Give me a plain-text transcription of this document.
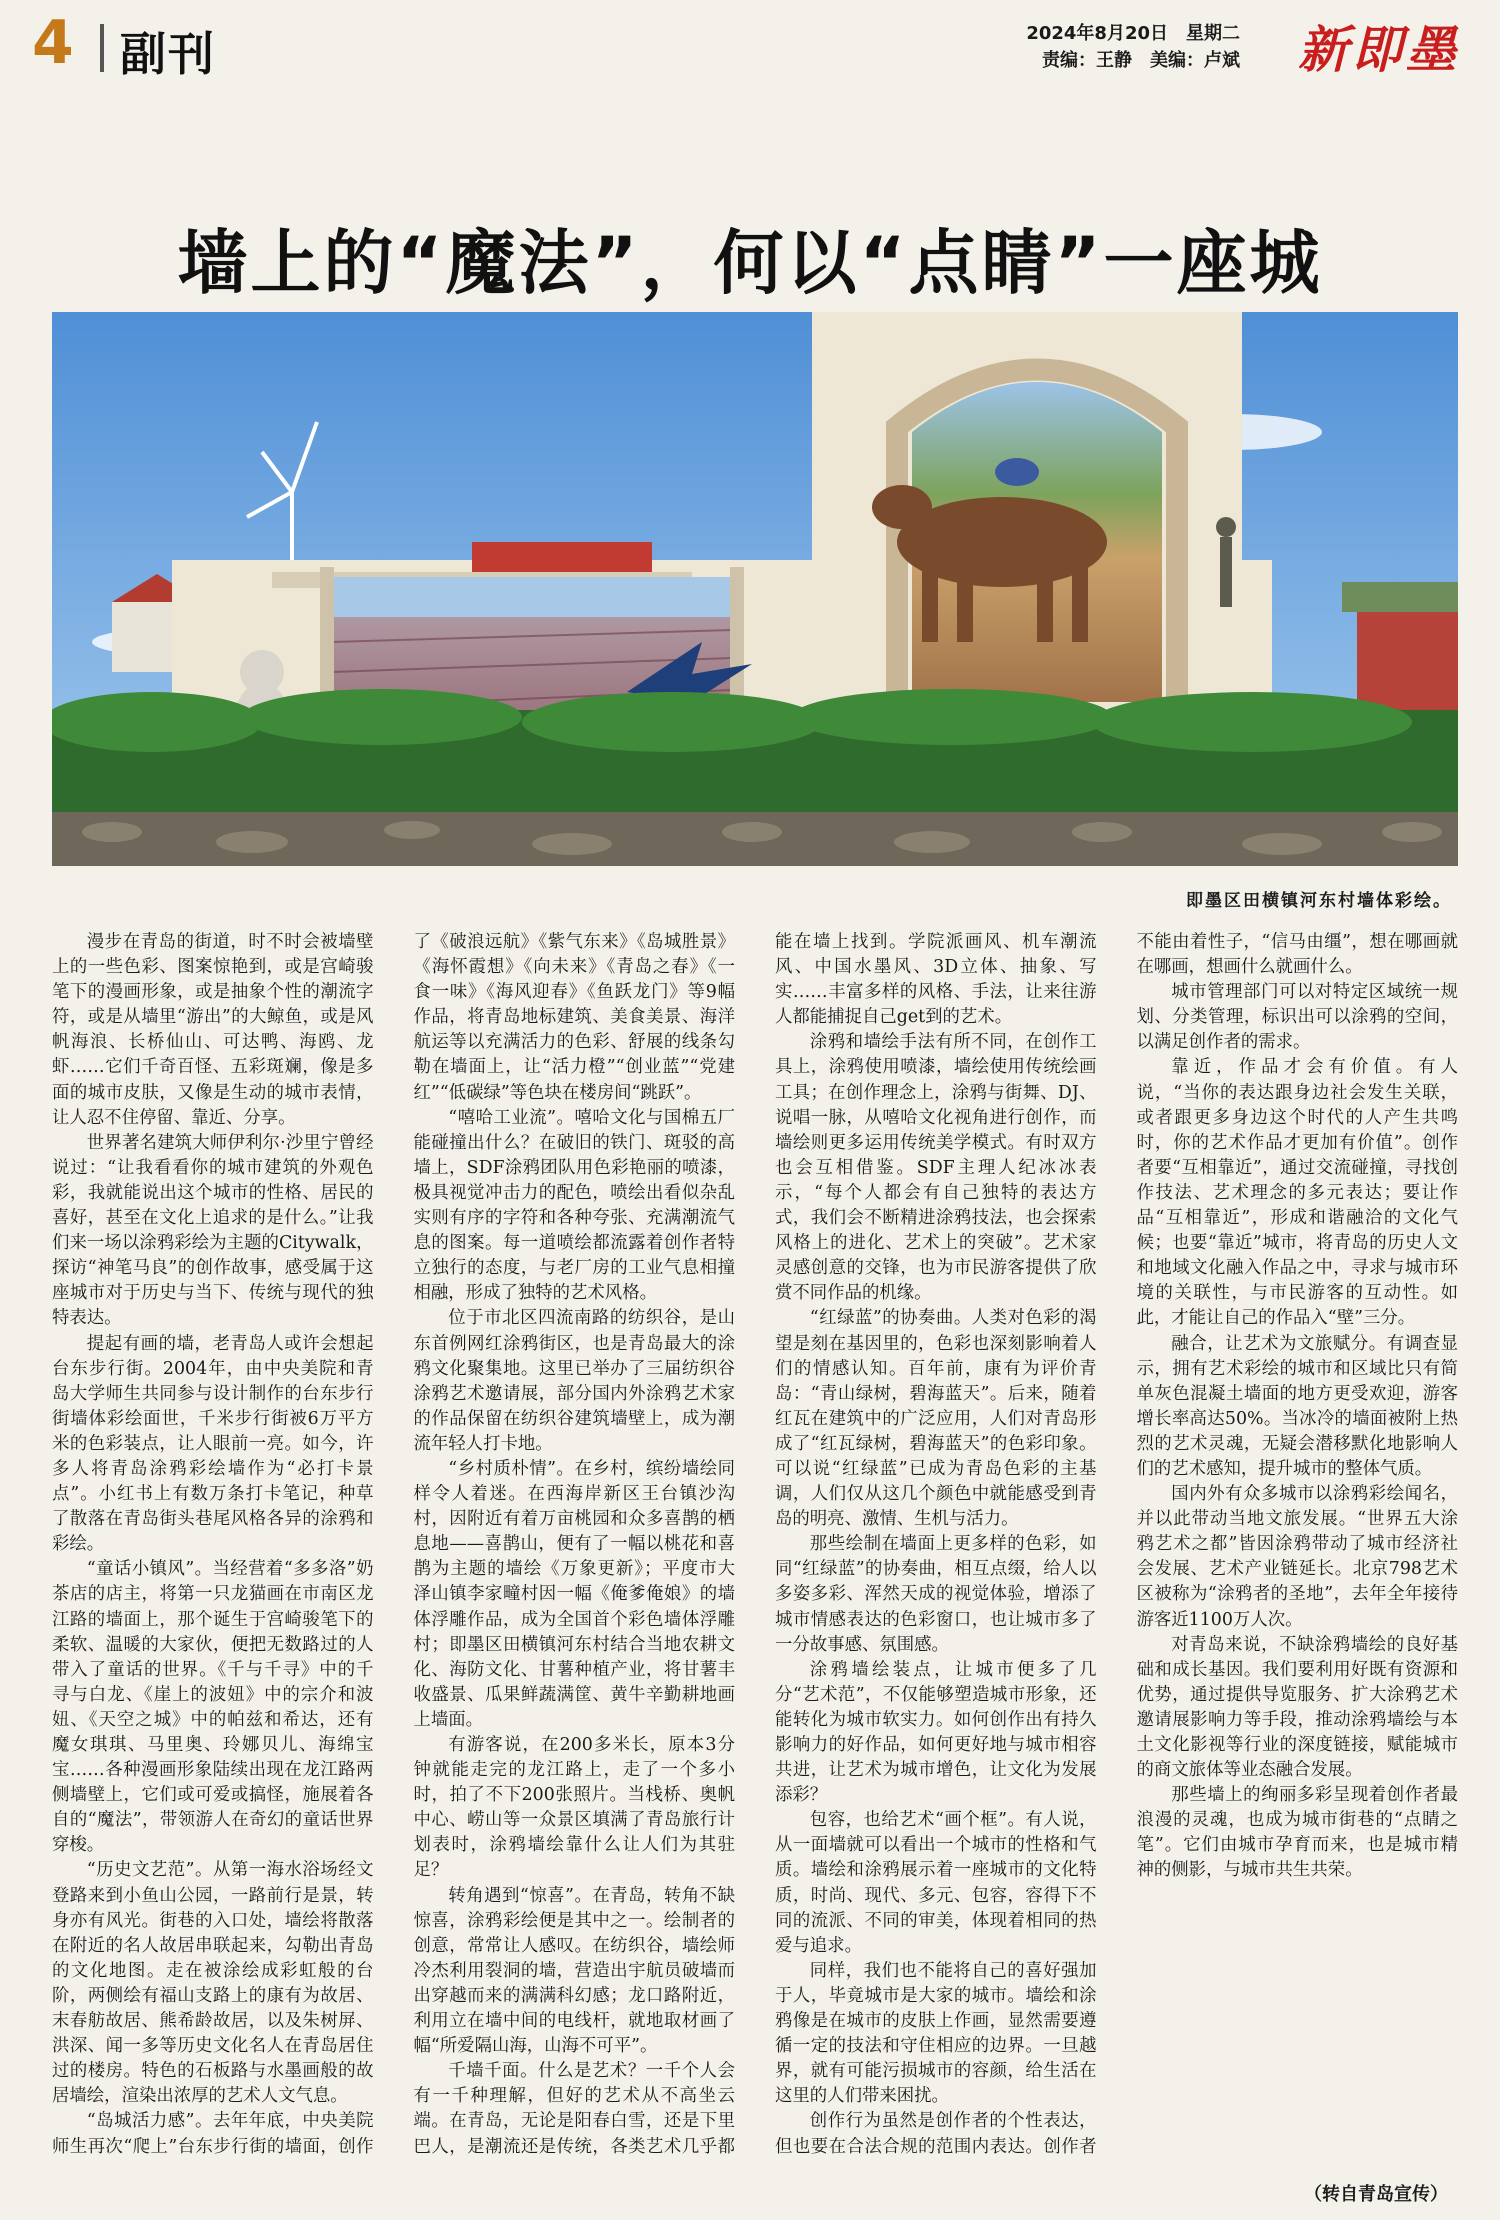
4 副刊	2024年8月20日　 星期二
责编：王静　美编：卢斌 新即墨
墙上的“魔法”，何以“点睛”一座城
即墨区田横镇河东村墙体彩绘。

漫步在青岛的街道，时不时会被墙壁上的一些色彩、图案惊艳到，或是宫崎骏笔下的漫画形象，或是抽象个性的潮流字符，或是从墙里“游出”的大鲸鱼，或是风帆海浪、长桥仙山、可达鸭、海鸥、龙虾……它们千奇百怪、五彩斑斓，像是多面的城市皮肤，又像是生动的城市表情，让人忍不住停留、靠近、分享。

世界著名建筑大师伊利尔·沙里宁曾经说过：“让我看看你的城市建筑的外观色彩，我就能说出这个城市的性格、居民的喜好，甚至在文化上追求的是什么。”让我们来一场以涂鸦彩绘为主题的Citywalk，探访“神笔马良”的创作故事，感受属于这座城市对于历史与当下、传统与现代的独特表达。

提起有画的墙，老青岛人或许会想起台东步行街。2004年，由中央美院和青岛大学师生共同参与设计制作的台东步行街墙体彩绘面世，千米步行街被6万平方米的色彩装点，让人眼前一亮。如今，许多人将青岛涂鸦彩绘墙作为“必打卡景点”。小红书上有数万条打卡笔记，种草了散落在青岛街头巷尾风格各异的涂鸦和彩绘。

“童话小镇风”。当经营着“多多洛”奶茶店的店主，将第一只龙猫画在市南区龙江路的墙面上，那个诞生于宫崎骏笔下的柔软、温暖的大家伙，便把无数路过的人带入了童话的世界。《千与千寻》中的千寻与白龙、《崖上的波妞》中的宗介和波妞、《天空之城》中的帕兹和希达，还有魔女琪琪、马里奥、玲娜贝儿、海绵宝宝……各种漫画形象陆续出现在龙江路两侧墙壁上，它们或可爱或搞怪，施展着各自的“魔法”，带领游人在奇幻的童话世界穿梭。

“历史文艺范”。从第一海水浴场经文登路来到小鱼山公园，一路前行是景，转身亦有风光。街巷的入口处，墙绘将散落在附近的名人故居串联起来，勾勒出青岛的文化地图。走在被涂绘成彩虹般的台阶，两侧绘有福山支路上的康有为故居、末春舫故居、熊希龄故居，以及朱树屏、洪深、闻一多等历史文化名人在青岛居住过的楼房。特色的石板路与水墨画般的故居墙绘，渲染出浓厚的艺术人文气息。

“岛城活力感”。去年年底，中央美院师生再次“爬上”台东步行街的墙面，创作了《破浪远航》《紫气东来》《岛城胜景》《海怀霞想》《向未来》《青岛之春》《一食一味》《海风迎春》《鱼跃龙门》等9幅作品，将青岛地标建筑、美食美景、海洋航运等以充满活力的色彩、舒展的线条勾勒在墙面上，让“活力橙”“创业蓝”“党建红”“低碳绿”等色块在楼房间“跳跃”。

“嘻哈工业流”。嘻哈文化与国棉五厂能碰撞出什么？在破旧的铁门、斑驳的高墙上，SDF涂鸦团队用色彩艳丽的喷漆，极具视觉冲击力的配色，喷绘出看似杂乱实则有序的字符和各种夸张、充满潮流气息的图案。每一道喷绘都流露着创作者特立独行的态度，与老厂房的工业气息相撞相融，形成了独特的艺术风格。

位于市北区四流南路的纺织谷，是山东首例网红涂鸦街区，也是青岛最大的涂鸦文化聚集地。这里已举办了三届纺织谷涂鸦艺术邀请展，部分国内外涂鸦艺术家的作品保留在纺织谷建筑墙壁上，成为潮流年轻人打卡地。

“乡村质朴情”。在乡村，缤纷墙绘同样令人着迷。在西海岸新区王台镇沙沟村，因附近有着万亩桃园和众多喜鹊的栖息地——喜鹊山，便有了一幅以桃花和喜鹊为主题的墙绘《万象更新》；平度市大泽山镇李家疃村因一幅《俺爹俺娘》的墙体浮雕作品，成为全国首个彩色墙体浮雕村；即墨区田横镇河东村结合当地农耕文化、海防文化、甘薯种植产业，将甘薯丰收盛景、瓜果鲜蔬满筐、黄牛辛勤耕地画上墙面。

有游客说，在200多米长，原本3分钟就能走完的龙江路上，走了一个多小时，拍了不下200张照片。当栈桥、奥帆中心、崂山等一众景区填满了青岛旅行计划表时，涂鸦墙绘靠什么让人们为其驻足？

转角遇到“惊喜”。在青岛，转角不缺惊喜，涂鸦彩绘便是其中之一。绘制者的创意，常常让人感叹。在纺织谷，墙绘师冷杰利用裂洞的墙，营造出宇航员破墙而出穿越而来的满满科幻感；龙口路附近，利用立在墙中间的电线杆，就地取材画了幅“所爱隔山海，山海不可平”。

千墙千面。什么是艺术？一千个人会有一千种理解，但好的艺术从不高坐云端。在青岛，无论是阳春白雪，还是下里巴人，是潮流还是传统，各类艺术几乎都能在墙上找到。学院派画风、机车潮流风、中国水墨风、3D立体、抽象、写实……丰富多样的风格、手法，让来往游人都能捕捉自己get到的艺术。

涂鸦和墙绘手法有所不同，在创作工具上，涂鸦使用喷漆，墙绘使用传统绘画工具；在创作理念上，涂鸦与街舞、DJ、说唱一脉，从嘻哈文化视角进行创作，而墙绘则更多运用传统美学模式。有时双方也会互相借鉴。SDF主理人纪冰冰表示，“每个人都会有自己独特的表达方式，我们会不断精进涂鸦技法，也会探索风格上的进化、艺术上的突破”。艺术家灵感创意的交锋，也为市民游客提供了欣赏不同作品的机缘。

“红绿蓝”的协奏曲。人类对色彩的渴望是刻在基因里的，色彩也深刻影响着人们的情感认知。百年前，康有为评价青岛：“青山绿树，碧海蓝天”。后来，随着红瓦在建筑中的广泛应用，人们对青岛形成了“红瓦绿树，碧海蓝天”的色彩印象。可以说“红绿蓝”已成为青岛色彩的主基调，人们仅从这几个颜色中就能感受到青岛的明亮、激情、生机与活力。

那些绘制在墙面上更多样的色彩，如同“红绿蓝”的协奏曲，相互点缀，给人以多姿多彩、浑然天成的视觉体验，增添了城市情感表达的色彩窗口，也让城市多了一分故事感、氛围感。

涂鸦墙绘装点，让城市便多了几分“艺术范”，不仅能够塑造城市形象，还能转化为城市软实力。如何创作出有持久影响力的好作品，如何更好地与城市相容共进，让艺术为城市增色，让文化为发展添彩？

包容，也给艺术“画个框”。有人说，从一面墙就可以看出一个城市的性格和气质。墙绘和涂鸦展示着一座城市的文化特质，时尚、现代、多元、包容，容得下不同的流派、不同的审美，体现着相同的热爱与追求。

同样，我们也不能将自己的喜好强加于人，毕竟城市是大家的城市。墙绘和涂鸦像是在城市的皮肤上作画，显然需要遵循一定的技法和守住相应的边界。一旦越界，就有可能污损城市的容颜，给生活在这里的人们带来困扰。

创作行为虽然是创作者的个性表达，但也要在合法合规的范围内表达。创作者不能由着性子，“信马由缰”，想在哪画就在哪画，想画什么就画什么。

城市管理部门可以对特定区域统一规划、分类管理，标识出可以涂鸦的空间，以满足创作者的需求。

靠近，作品才会有价值。有人说，“当你的表达跟身边社会发生关联，或者跟更多身边这个时代的人产生共鸣时，你的艺术作品才更加有价值”。创作者要“互相靠近”，通过交流碰撞，寻找创作技法、艺术理念的多元表达；要让作品“互相靠近”，形成和谐融洽的文化气候；也要“靠近”城市，将青岛的历史人文和地域文化融入作品之中，寻求与城市环境的关联性，与市民游客的互动性。如此，才能让自己的作品入“壁”三分。

融合，让艺术为文旅赋分。有调查显示，拥有艺术彩绘的城市和区域比只有简单灰色混凝土墙面的地方更受欢迎，游客增长率高达50%。当冰冷的墙面被附上热烈的艺术灵魂，无疑会潜移默化地影响人们的艺术感知，提升城市的整体气质。

国内外有众多城市以涂鸦彩绘闻名，并以此带动当地文旅发展。“世界五大涂鸦艺术之都”皆因涂鸦带动了城市经济社会发展、艺术产业链延长。北京798艺术区被称为“涂鸦者的圣地”，去年全年接待游客近1100万人次。

对青岛来说，不缺涂鸦墙绘的良好基础和成长基因。我们要利用好既有资源和优势，通过提供导览服务、扩大涂鸦艺术邀请展影响力等手段，推动涂鸦墙绘与本土文化影视等行业的深度链接，赋能城市的商文旅体等业态融合发展。

那些墙上的绚丽多彩呈现着创作者最浪漫的灵魂，也成为城市街巷的“点睛之笔”。它们由城市孕育而来，也是城市精神的侧影，与城市共生共荣。

（转自青岛宣传）
